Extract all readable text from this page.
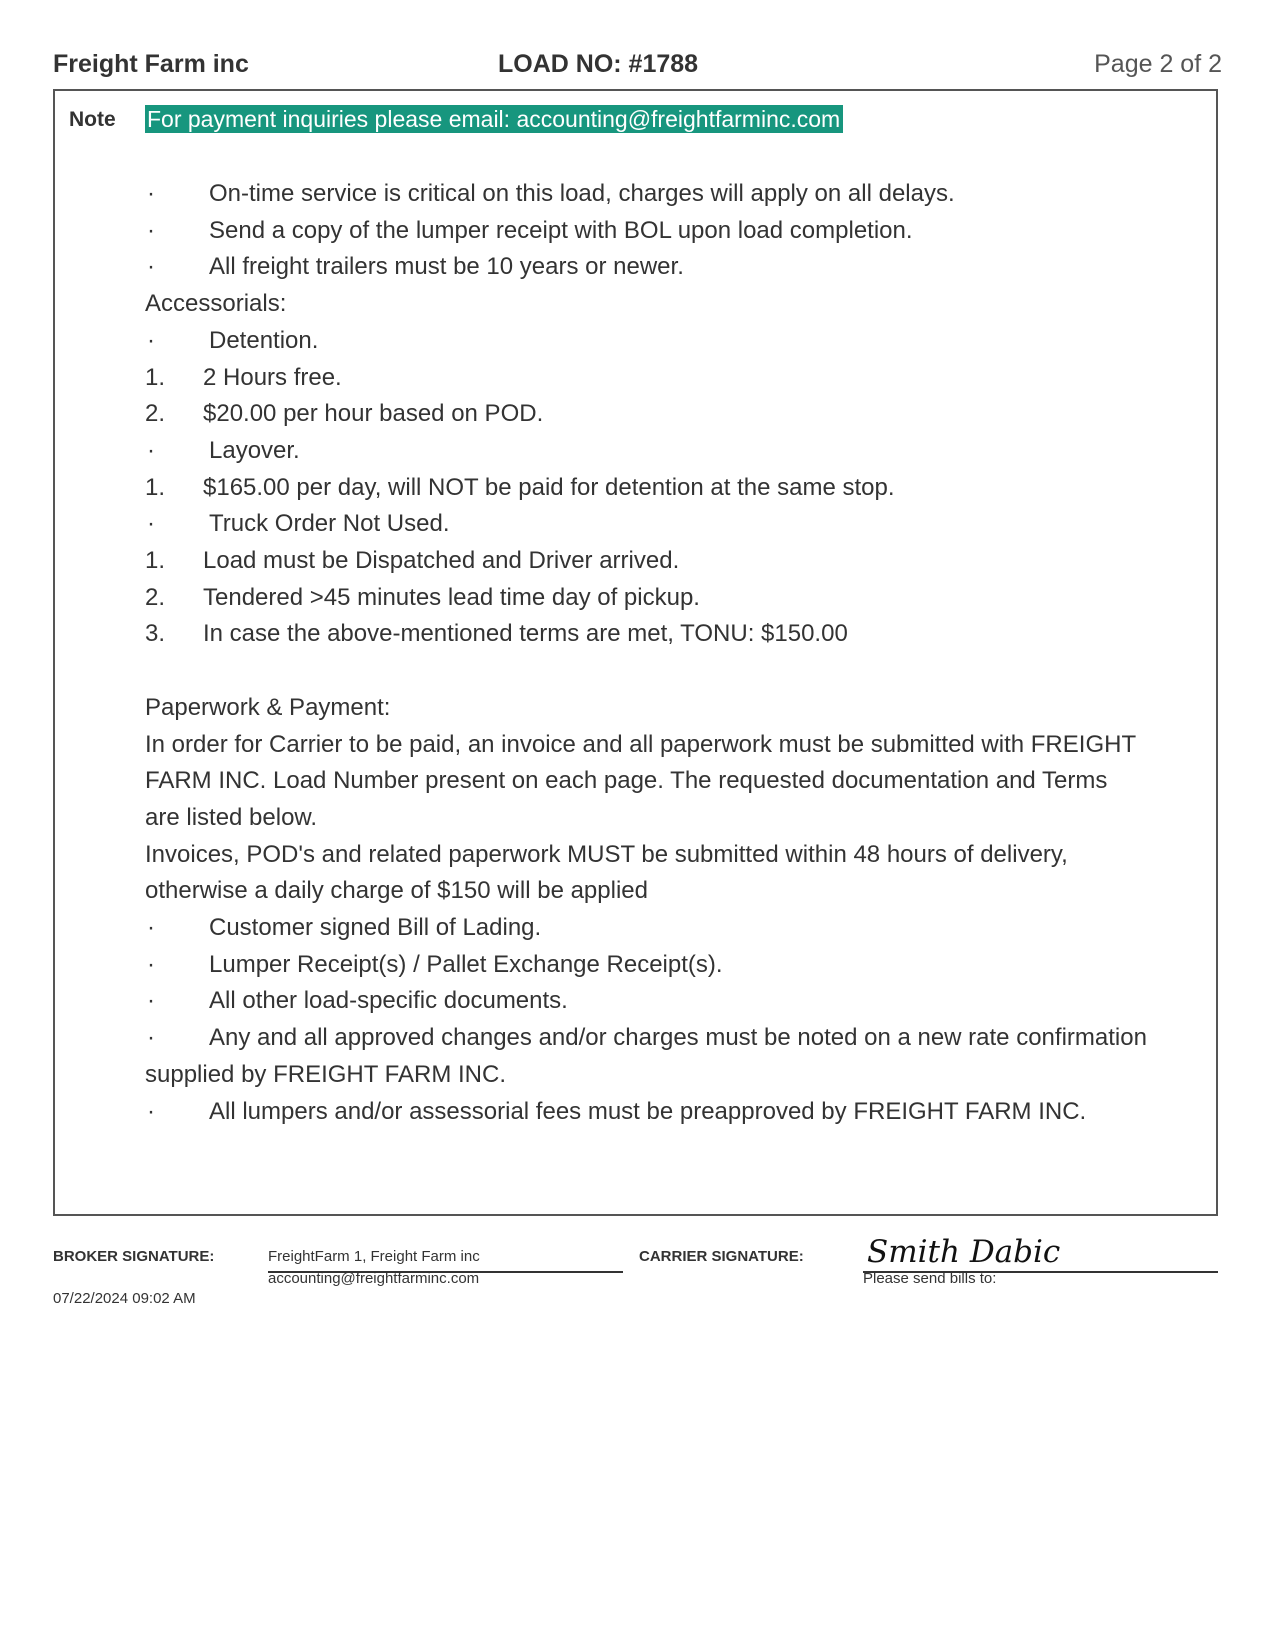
Freight Farm inc	LOAD NO: #1788	Page 2 of 2
Note For payment inquiries please email: accounting@freightfarminc.com
· On-time service is critical on this load, charges will apply on all delays.
· Send a copy of the lumper receipt with BOL upon load completion.
· All freight trailers must be 10 years or newer.
Accessorials:
· Detention.
1. 2 Hours free.
2. $20.00 per hour based on POD.
· Layover.
1. $165.00 per day, will NOT be paid for detention at the same stop.
· Truck Order Not Used.
1. Load must be Dispatched and Driver arrived.
2. Tendered >45 minutes lead time day of pickup.
3. In case the above-mentioned terms are met, TONU: $150.00
Paperwork & Payment:
In order for Carrier to be paid, an invoice and all paperwork must be submitted with FREIGHT
FARM INC. Load Number present on each page. The requested documentation and Terms
are listed below.
Invoices, POD's and related paperwork MUST be submitted within 48 hours of delivery,
otherwise a daily charge of $150 will be applied
· Customer signed Bill of Lading.
· Lumper Receipt(s) / Pallet Exchange Receipt(s).
· All other load-specific documents.
· Any and all approved changes and/or charges must be noted on a new rate confirmation
supplied by FREIGHT FARM INC.
· All lumpers and/or assessorial fees must be preapproved by FREIGHT FARM INC.
BROKER SIGNATURE:	FreightFarm 1, Freight Farm inc
accounting@freightfarminc.com
07/22/2024 09:02 AM
CARRIER SIGNATURE: Smith Dabic
Please send bills to:
